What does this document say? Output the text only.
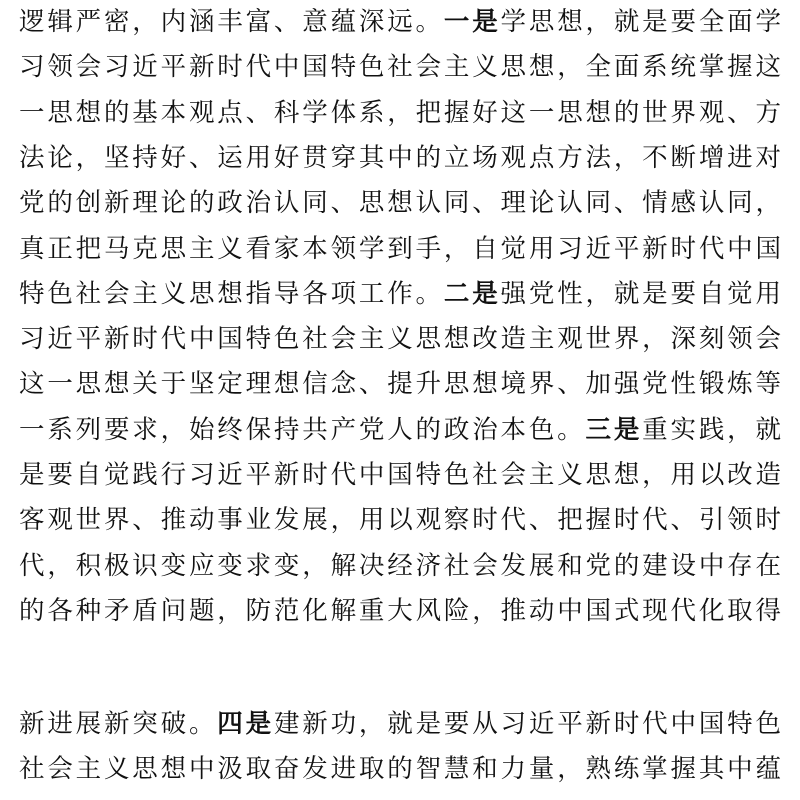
逻辑严密，内涵丰富、意蕴深远。一是学思想，就是要全面学
习领会习近平新时代中国特色社会主义思想，全面系统掌握这
一思想的基本观点、科学体系，把握好这一思想的世界观、方
法论，坚持好、运用好贯穿其中的立场观点方法，不断增进对
党的创新理论的政治认同、思想认同、理论认同、情感认同，
真正把马克思主义看家本领学到手，自觉用习近平新时代中国
特色社会主义思想指导各项工作。二是强党性，就是要自觉用
习近平新时代中国特色社会主义思想改造主观世界，深刻领会
这一思想关于坚定理想信念、提升思想境界、加强党性锻炼等
一系列要求，始终保持共产党人的政治本色。三是重实践，就
是要自觉践行习近平新时代中国特色社会主义思想，用以改造
客观世界、推动事业发展，用以观察时代、把握时代、引领时
代，积极识变应变求变，解决经济社会发展和党的建设中存在
的各种矛盾问题，防范化解重大风险，推动中国式现代化取得
新进展新突破。四是建新功，就是要从习近平新时代中国特色
社会主义思想中汲取奋发进取的智慧和力量，熟练掌握其中蕴
